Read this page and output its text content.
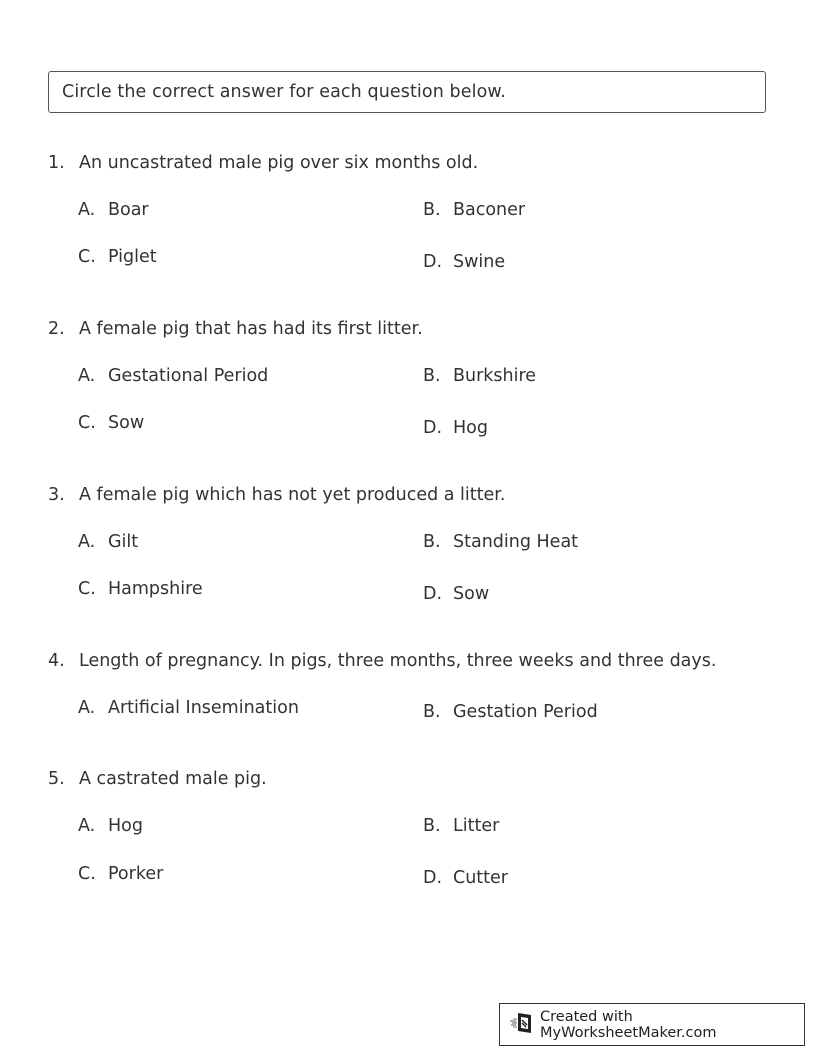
Circle the correct answer for each question below.
1. An uncastrated male pig over six months old.
A. Boar	B. Baconer
C. Piglet	D. Swine
2. A female pig that has had its first litter.
A. Gestational Period	B. Burkshire
C. Sow	D. Hog
3. A female pig which has not yet produced a litter.
A. Gilt	B. Standing Heat
C. Hampshire	D. Sow
4. Length of pregnancy. In pigs, three months, three weeks and three days.
A. Artificial Insemination	B. Gestation Period
5. A castrated male pig.
A. Hog	B. Litter
C. Porker	D. Cutter
Created with MyWorksheetMaker.com
